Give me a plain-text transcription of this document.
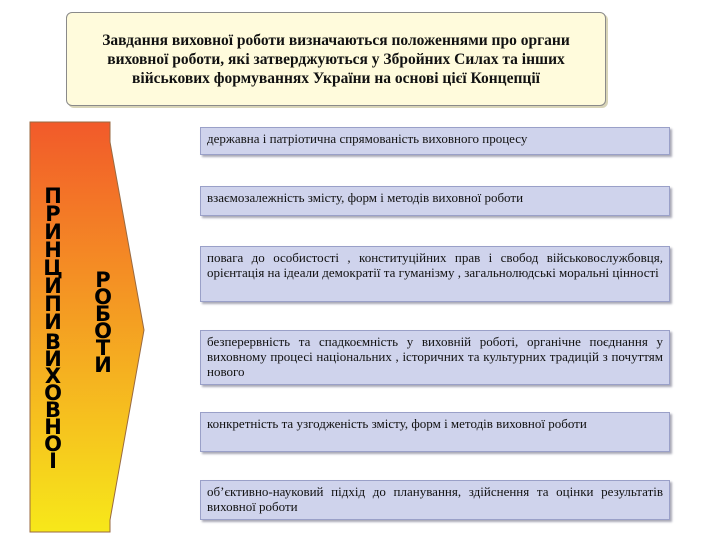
Завдання виховної роботи визначаються положеннями про органи виховної роботи, які затверджуються у Збройних Силах та інших військових формуваннях України на основі цієї Концепції
П
Р
И
Н
Ц
И
П
И
В
И
Х
О
В
Н
О
Ї
Р
О
Б
О
Т
И
державна і патріотична спрямованість виховного процесу
взаємозалежність змісту, форм і методів виховної роботи
повага до особистості , конституційних прав і свобод військовослужбовця, орієнтація на ідеали демократії та гуманізму , загальнолюдські моральні цінності
безперервність та спадкоємність у виховній роботі, органічне поєднання у виховному процесі національних , історичних та культурних традицій з почуттям нового
конкретність та узгодженість змісту, форм і методів виховної роботи
об’єктивно-науковий підхід до планування, здійснення та оцінки результатів виховної роботи
